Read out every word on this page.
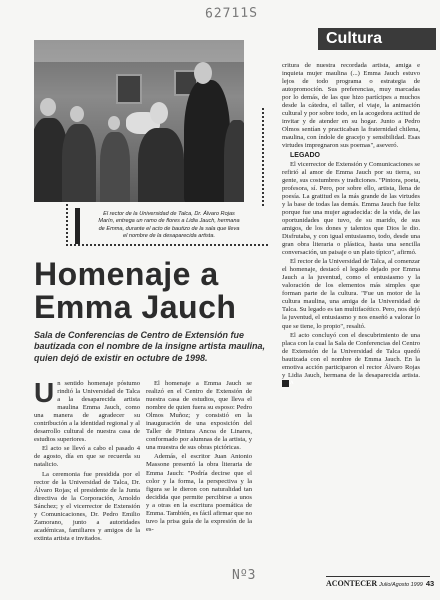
62711S
Cultura
El rector de la Universidad de Talca, Dr. Álvaro Rojas Marín, entrega un ramo de flores a Lidia Jauch, hermana de Emma, durante el acto de bautizo de la sala que lleva el nombre de la desaparecida artista.
Homenaje a
Emma Jauch
Sala de Conferencias de Centro de Extensión fue bautizada con el nombre de la insigne artista maulina, quien dejó de existir en octubre de 1998.

Un sentido homenaje póstumo rindió la Universidad de Talca a la desaparecida artista maulina Emma Jauch, como una manera de agradecer su contribución a la identidad regional y al desarrollo cultural de nuestra casa de estudios superiores.

El acto se llevó a cabo el pasado 4 de agosto, día en que se recuerda su natalicio.

La ceremonia fue presidida por el rector de la Universidad de Talca, Dr. Álvaro Rojas; el presidente de la Junta directiva de la Corporación, Arnoldo Sánchez; y el vicerrector de Extensión y Comunicaciones, Dr. Pedro Emilio Zamorano, junto a autoridades académicas, familiares y amigos de la extinta artista e invitados.

El homenaje a Emma Jauch se realizó en el Centro de Extensión de nuestra casa de estudios, que lleva el nombre de quien fuera su esposo: Pedro Olmos Muñoz; y consistió en la inauguración de una exposición del Taller de Pintura Ancoa de Linares, conformado por alumnas de la artista, y una muestra de sus obras pictóricas.

Además, el escritor Juan Antonio Massone presentó la obra literaria de Emma Jauch: "Podría decirse que el color y la forma, la perspectiva y la figura se le dieron con naturalidad tan decidida que permite percibirse a unos y a otras en la escritura poemática de Emma. También, es fácil afirmar que no tuvo la prisa guía de la expresión de la es-

critura de nuestra recordada artista, amiga e inquieta mujer maulina (...) Emma Jauch estuvo lejos de todo programa o estrategia de autopromoción. Sus preferencias, muy marcadas por lo demás, de las que hizo partícipes a muchos desde la cátedra, el taller, el viaje, la animación cultural y por sobre todo, en la acogedora actitud de invitar y de atender en su hogar. Junto a Pedro Olmos sentían y practicaban la fraternidad chilena, maulina, con índole de gracejo y sensibilidad. Esas virtudes impregnaron sus poemas", aseveró.

LEGADO

El vicerrector de Extensión y Comunicaciones se refirió al amor de Emma Jauch por su tierra, su gente, sus costumbres y tradiciones. "Pintora, poeta, profesora, sí. Pero, por sobre ello, artista, llena de poesía. La gratitud es la más grande de las virtudes y la base de todas las demás. Emma Jauch fue feliz porque fue una mujer agradecida: de la vida, de las oportunidades que tuvo, de su marido, de sus amigos, de los dones y talentos que Dios le dio. Disfrutaba, y con igual entusiasmo, todo, desde una gran obra literaria o plástica, hasta una sencilla conversación, un paisaje o un plato típico", afirmó.

El rector de la Universidad de Talca, al comenzar el homenaje, destacó el legado dejado por Emma Jauch a la juventud, como el entusiasmo y la valoración de los elementos más simples que forman parte de la cultura. "Fue un motor de la cultura maulina, una amiga de la Universidad de Talca. Su legado es tan multifacético. Pero, nos dejó la juventud, el entusiasmo y nos enseñó a valorar lo que se tiene, lo propio", resaltó.

El acto concluyó con el descubrimiento de una placa con la cual la Sala de Conferencias del Centro de Extensión de la Universidad de Talca quedó bautizada con el nombre de Emma Jauch. En la emotiva acción participaron el rector Álvaro Rojas y Lidia Jauch, hermana de la desaparecida artista. A

Nº3
ACONTECER Julio/Agosto 1999 43
